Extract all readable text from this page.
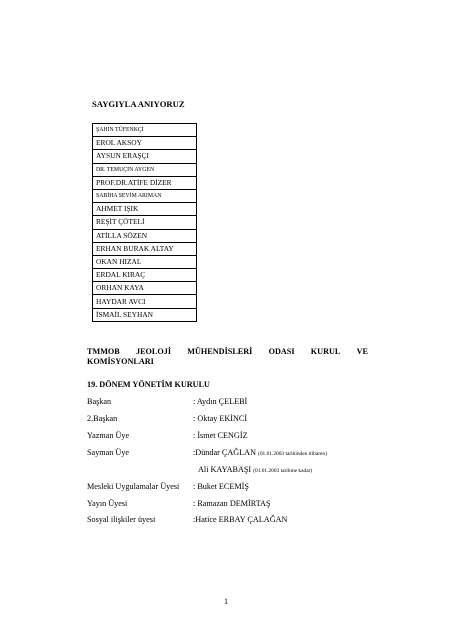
SAYGIYLA ANIYORUZ
ŞAHİN TÜFENKÇİ
EROL AKSOY
AYSUN ERAŞÇI
DR. TEMUÇİN AYGEN
PROF.DR.ATİFE DİZER
SABİHA SEVİM ARIMAN
AHMET IŞIK
REŞİT ÇÖTELİ
ATİLLA SÖZEN
ERHAN BURAK ALTAY
OKAN HIZAL
ERDAL KIRAÇ
ORHAN KAYA
HAYDAR AVCI
İSMAİL SEYHAN
TMMOB JEOLOJİ MÜHENDİSLERİ ODASI KURUL VE
KOMİSYONLARI
19. DÖNEM YÖNETİM KURULU
Başkan	: Aydın ÇELEBİ
2.Başkan	: Oktay EKİNCİ
Yazman Üye	: İsmet CENGİZ
Sayman Üye	:Dündar ÇAĞLAN (01.01.2003 tarihinden itibaren)
Ali KAYABAŞI (01.01.2003 tarihine kadar)
Mesleki Uygulamalar Üyesi : Buket ECEMİŞ
Yayın Üyesi	: Ramazan DEMİRTAŞ
Sosyal ilişkiler üyesi	:Hatice ERBAY ÇALAĞAN
1
